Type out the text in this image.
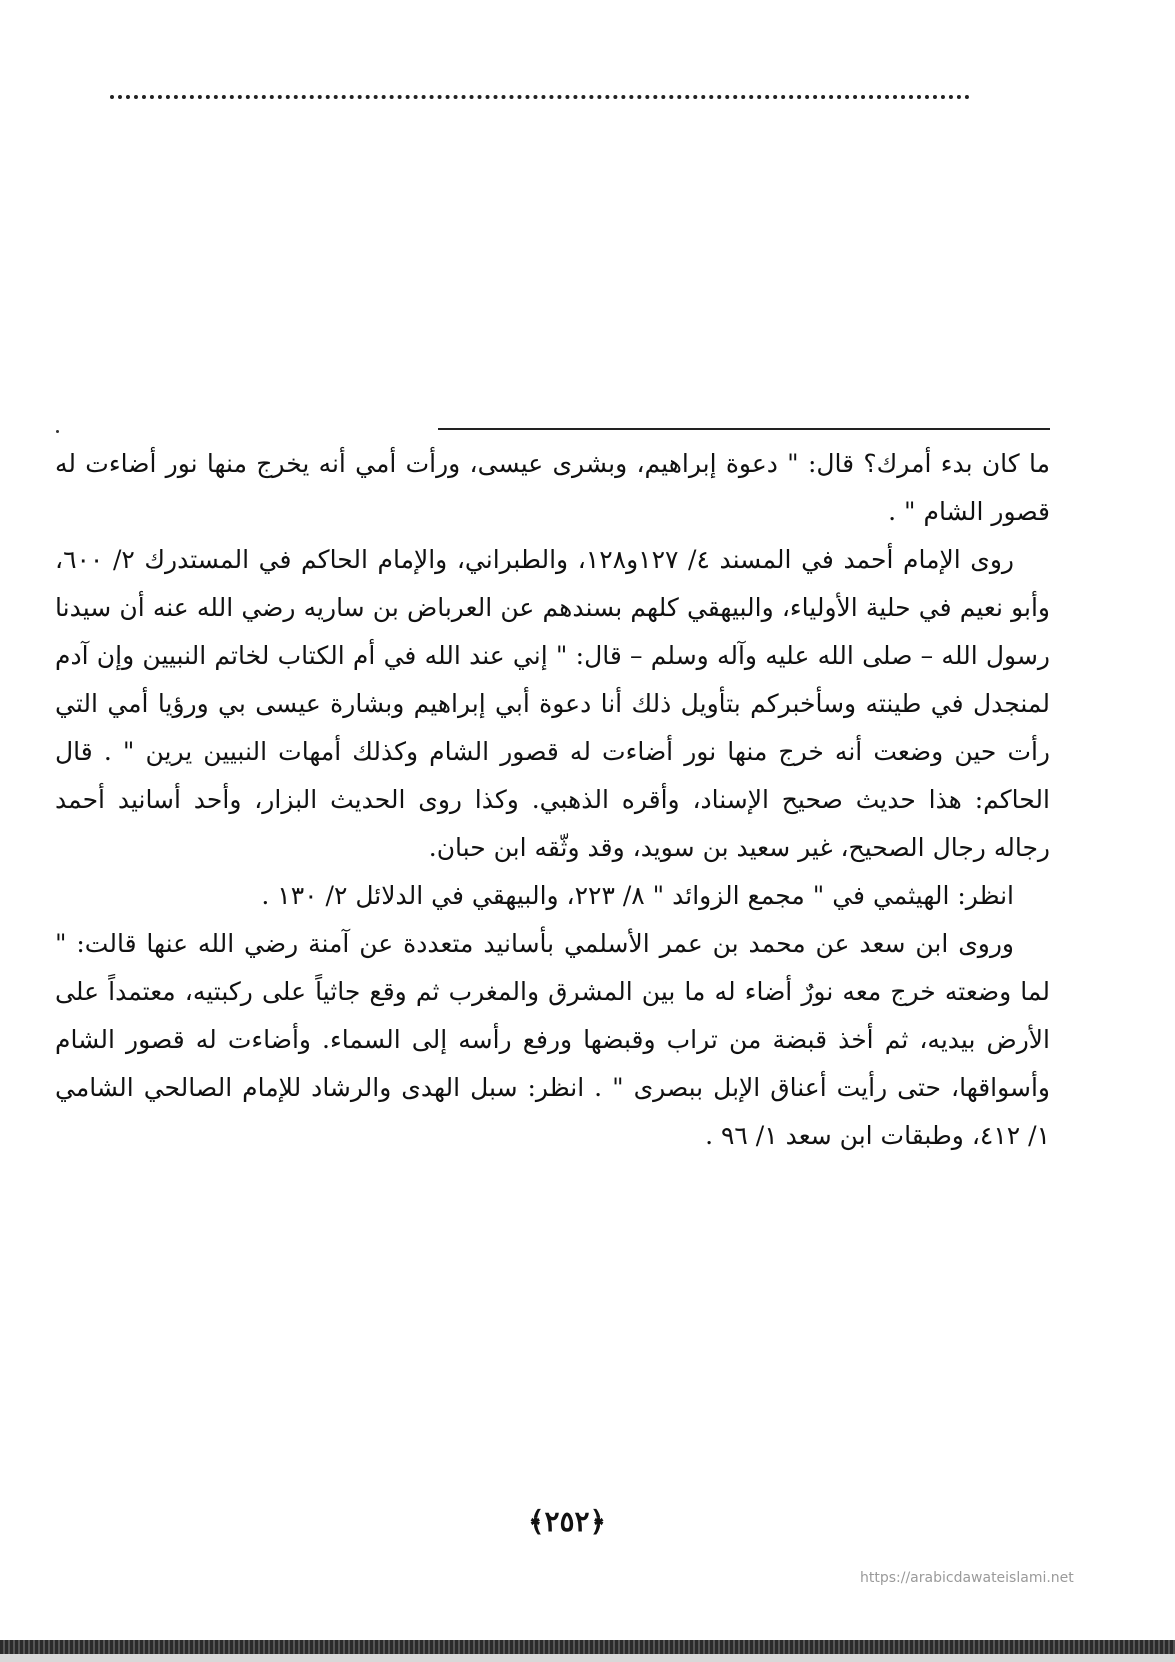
ما كان بدء أمرك؟ قال: " دعوة إبراهيم، وبشرى عيسى، ورأت أمي أنه يخرج منها نور أضاءت له قصور الشام " .

روى الإمام أحمد في المسند ٤/ ١٢٧و١٢٨، والطبراني، والإمام الحاكم في المستدرك ٢/ ٦٠٠، وأبو نعيم في حلية الأولياء، والبيهقي كلهم بسندهم عن العرباض بن ساريه رضي الله عنه أن سيدنا رسول الله – صلى الله عليه وآله وسلم – قال: " إني عند الله في أم الكتاب لخاتم النبيين وإن آدم لمنجدل في طينته وسأخبركم بتأويل ذلك أنا دعوة أبي إبراهيم وبشارة عيسى بي ورؤيا أمي التي رأت حين وضعت أنه خرج منها نور أضاءت له قصور الشام وكذلك أمهات النبيين يرين " . قال الحاكم: هذا حديث صحيح الإسناد، وأقره الذهبي. وكذا روى الحديث البزار، وأحد أسانيد أحمد رجاله رجال الصحيح، غير سعيد بن سويد، وقد وثّقه ابن حبان.

انظر: الهيثمي في " مجمع الزوائد " ٨/ ٢٢٣، والبيهقي في الدلائل ٢/ ١٣٠ .

وروى ابن سعد عن محمد بن عمر الأسلمي بأسانيد متعددة عن آمنة رضي الله عنها قالت: " لما وضعته خرج معه نورٌ أضاء له ما بين المشرق والمغرب ثم وقع جاثياً على ركبتيه، معتمداً على الأرض بيديه، ثم أخذ قبضة من تراب وقبضها ورفع رأسه إلى السماء. وأضاءت له قصور الشام وأسواقها، حتى رأيت أعناق الإبل ببصرى " . انظر: سبل الهدى والرشاد للإمام الصالحي الشامي ١/ ٤١٢، وطبقات ابن سعد ١/ ٩٦ .

﴿٢٥٢﴾
https://arabicdawateislami.net
